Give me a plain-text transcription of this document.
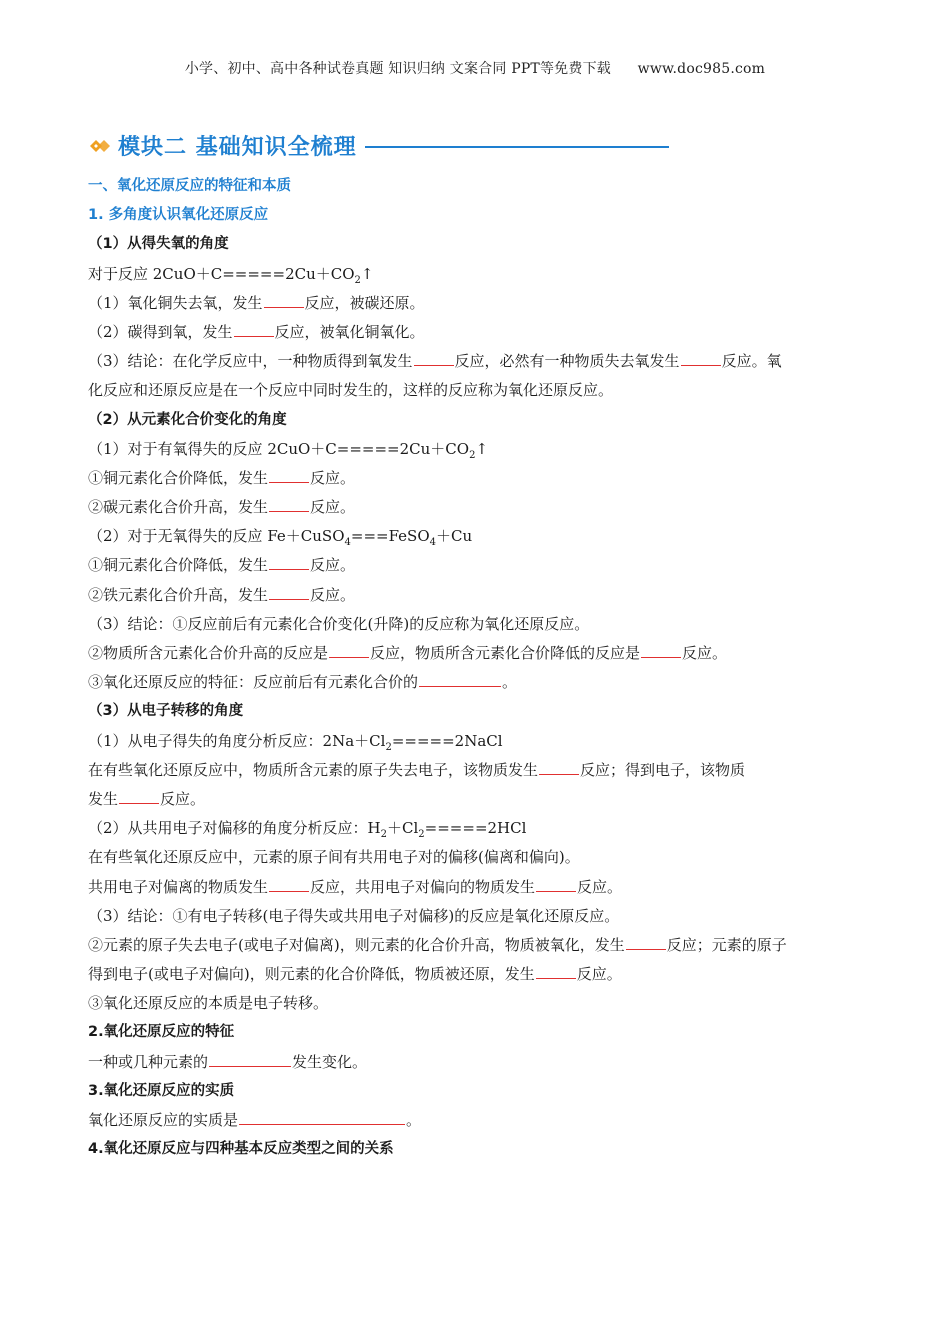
小学、初中、高中各种试卷真题 知识归纳 文案合同 PPT等免费下载 www.doc985.com
模块二 基础知识全梳理
一、氧化还原反应的特征和本质
1. 多角度认识氧化还原反应
（1）从得失氧的角度
对于反应 $2CuO+C=====2Cu+CO_2↑$
（1）氧化铜失去氧，发生	反应，被碳还原。
（2）碳得到氧，发生	反应，被氧化铜氧化。
（3）结论：在化学反应中，一种物质得到氧发生	反应，必然有一种物质失去氧发生	反应。氧
化反应和还原反应是在一个反应中同时发生的，这样的反应称为氧化还原反应。
（2）从元素化合价变化的角度
（1）对于有氧得失的反应 $2CuO+C=====2Cu+CO_2↑$
①铜元素化合价降低，发生	反应。
②碳元素化合价升高，发生	反应。
（2）对于无氧得失的反应 Fe＋CuSO$_4$===FeSO$_4$＋Cu
①铜元素化合价降低，发生	反应。
②铁元素化合价升高，发生	反应。
（3）结论：①反应前后有元素化合价变化(升降)的反应称为氧化还原反应。
②物质所含元素化合价升高的反应是	反应，物质所含元素化合价降低的反应是	反应。
③氧化还原反应的特征：反应前后有元素化合价的	。
（3）从电子转移的角度
（1）从电子得失的角度分析反应：$2Na+Cl_2=====2NaCl$
在有些氧化还原反应中，物质所含元素的原子失去电子，该物质发生	反应；得到电子，该物质
发生	反应。
（2）从共用电子对偏移的角度分析反应：$H_2+Cl_2=====2HCl$
在有些氧化还原反应中，元素的原子间有共用电子对的偏移(偏离和偏向)。
共用电子对偏离的物质发生	反应，共用电子对偏向的物质发生	反应。
（3）结论：①有电子转移(电子得失或共用电子对偏移)的反应是氧化还原反应。
②元素的原子失去电子(或电子对偏离)，则元素的化合价升高，物质被氧化，发生	反应；元素的原子
得到电子(或电子对偏向)，则元素的化合价降低，物质被还原，发生	反应。
③氧化还原反应的本质是电子转移。
2.氧化还原反应的特征
一种或几种元素的	发生变化。
3.氧化还原反应的实质
氧化还原反应的实质是	。
4.氧化还原反应与四种基本反应类型之间的关系
